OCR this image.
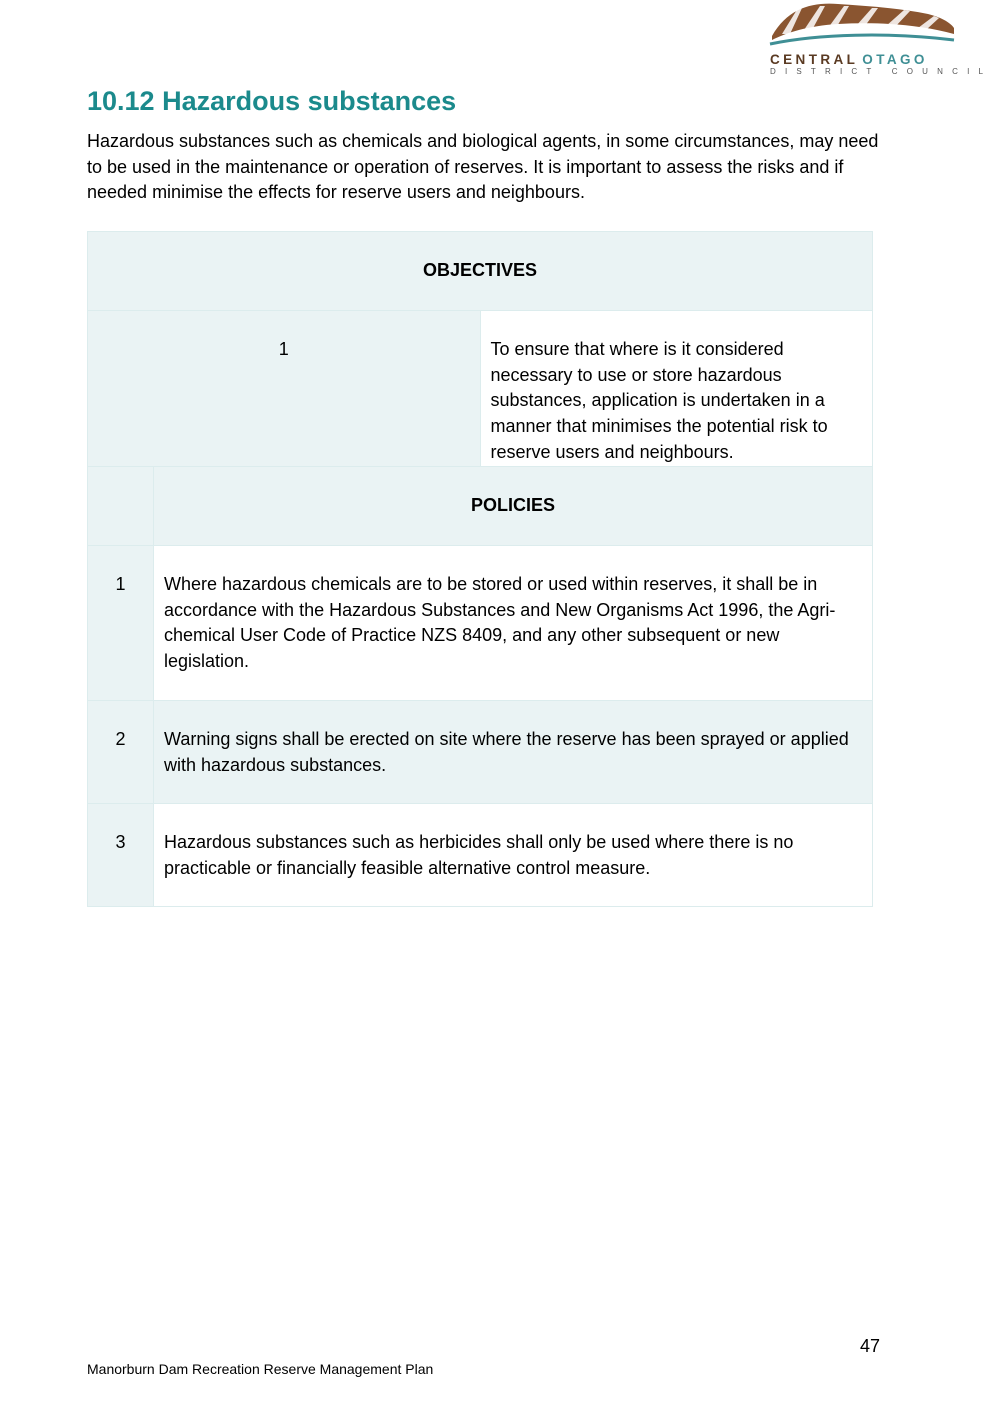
CENTRAL OTAGO
DISTRICT COUNCIL
10.12 Hazardous substances

Hazardous substances such as chemicals and biological agents, in some circumstances, may need to be used in the maintenance or operation of reserves. It is important to assess the risks and if needed minimise the effects for reserve users and neighbours.

OBJECTIVES

1	To ensure that where is it considered necessary to use or store hazardous substances, application is undertaken in a manner that minimises the potential risk to reserve users and neighbours.
	POLICIES

1	Where hazardous chemicals are to be stored or used within reserves, it shall be in accordance with the Hazardous Substances and New Organisms Act 1996, the Agri-chemical User Code of Practice NZS 8409, and any other subsequent or new legislation.

2	Warning signs shall be erected on site where the reserve has been sprayed or applied with hazardous substances.

3	Hazardous substances such as herbicides shall only be used where there is no practicable or financially feasible alternative control measure.
47
Manorburn Dam Recreation Reserve Management Plan
